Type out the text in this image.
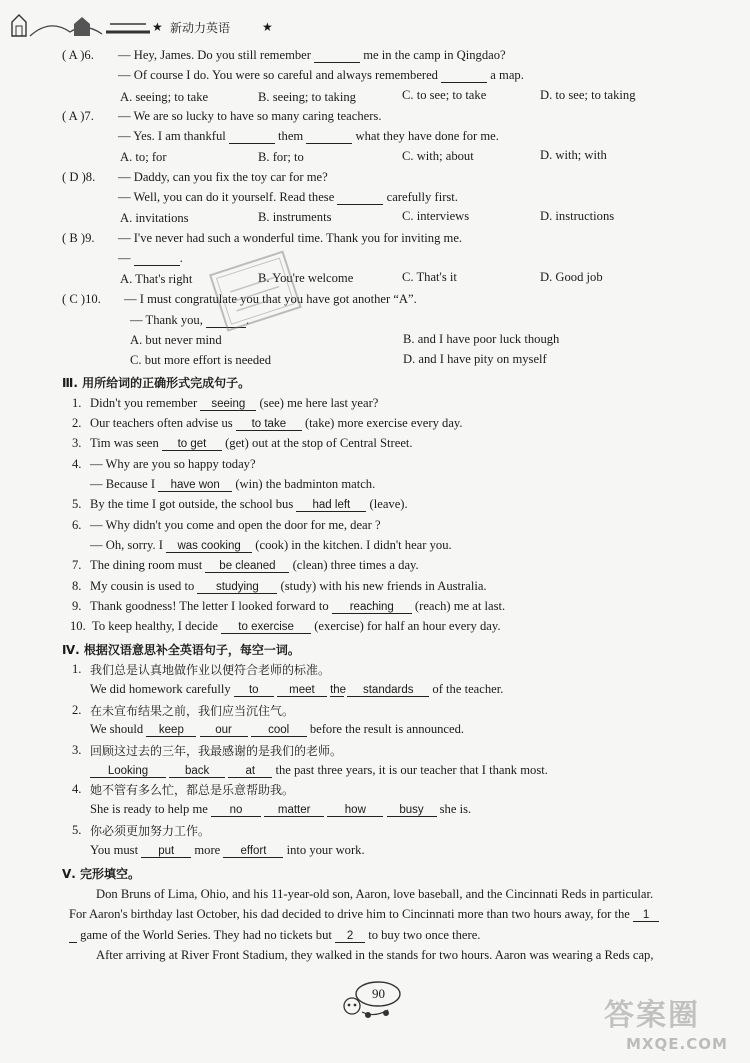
★ 新动力英语	★
( A )6. — Hey, James. Do you still remember	me in the camp in Qingdao?
— Of course I do. You were so careful and always remembered	a map.
A. seeing; to take	B. seeing; to taking	C. to see; to take	D. to see; to taking
( A )7. — We are so lucky to have so many caring teachers.
— Yes. I am thankful	them	what they have done for me.
A. to; for	B. for; to	C. with; about	D. with; with
( D )8. — Daddy, can you fix the toy car for me?
— Well, you can do it yourself. Read these	carefully first.
A. invitations	B. instruments	C. interviews	D. instructions
( B )9. — I've never had such a wonderful time. Thank you for inviting me.
—	.
A. That's right	B. You're welcome	C. That's it	D. Good job
( C )10. — I must congratulate you that you have got another “A”.
— Thank you,	.
A. but never mind	B. and I have poor luck though
C. but more effort is needed	D. and I have pity on myself
Ⅲ. 用所给词的正确形式完成句子。
1. Didn't you remember seeing (see) me here last year?
2. Our teachers often advise us to take (take) more exercise every day.
3. Tim was seen to get (get) out at the stop of Central Street.
4. — Why are you so happy today?
— Because I have won (win) the badminton match.
5. By the time I got outside, the school bus had left (leave).
6. — Why didn't you come and open the door for me, dear ?
— Oh, sorry. I was cooking (cook) in the kitchen. I didn't hear you.
7. The dining room must be cleaned (clean) three times a day.
8. My cousin is used to studying (study) with his new friends in Australia.
9. Thank goodness! The letter I looked forward to reaching (reach) me at last.
10. To keep healthy, I decide to exercise (exercise) for half an hour every day.
Ⅳ. 根据汉语意思补全英语句子，每空一词。
1. 我们总是认真地做作业以便符合老师的标准。
We did homework carefully to	meet the standards of the teacher.
2. 在未宣布结果之前，我们应当沉住气。
We should keep	our	cool before the result is announced.
3. 回顾这过去的三年，我最感谢的是我们的老师。
Looking	back	at the past three years, it is our teacher that I thank most.
4. 她不管有多么忙，都总是乐意帮助我。
She is ready to help me no	matter	how	busy she is.
5. 你必须更加努力工作。
You must put more effort into your work.
Ⅴ. 完形填空。
Don Bruns of Lima, Ohio, and his 11-year-old son, Aaron, love baseball, and the Cincinnati Reds in particular.
For Aaron's birthday last October, his dad decided to drive him to Cincinnati more than two hours away, for the 1
game of the World Series. They had no tickets but 2 to buy two once there.
After arriving at River Front Stadium, they walked in the stands for two hours. Aaron was wearing a Reds cap,
90
答案圈
MXQE.COM
